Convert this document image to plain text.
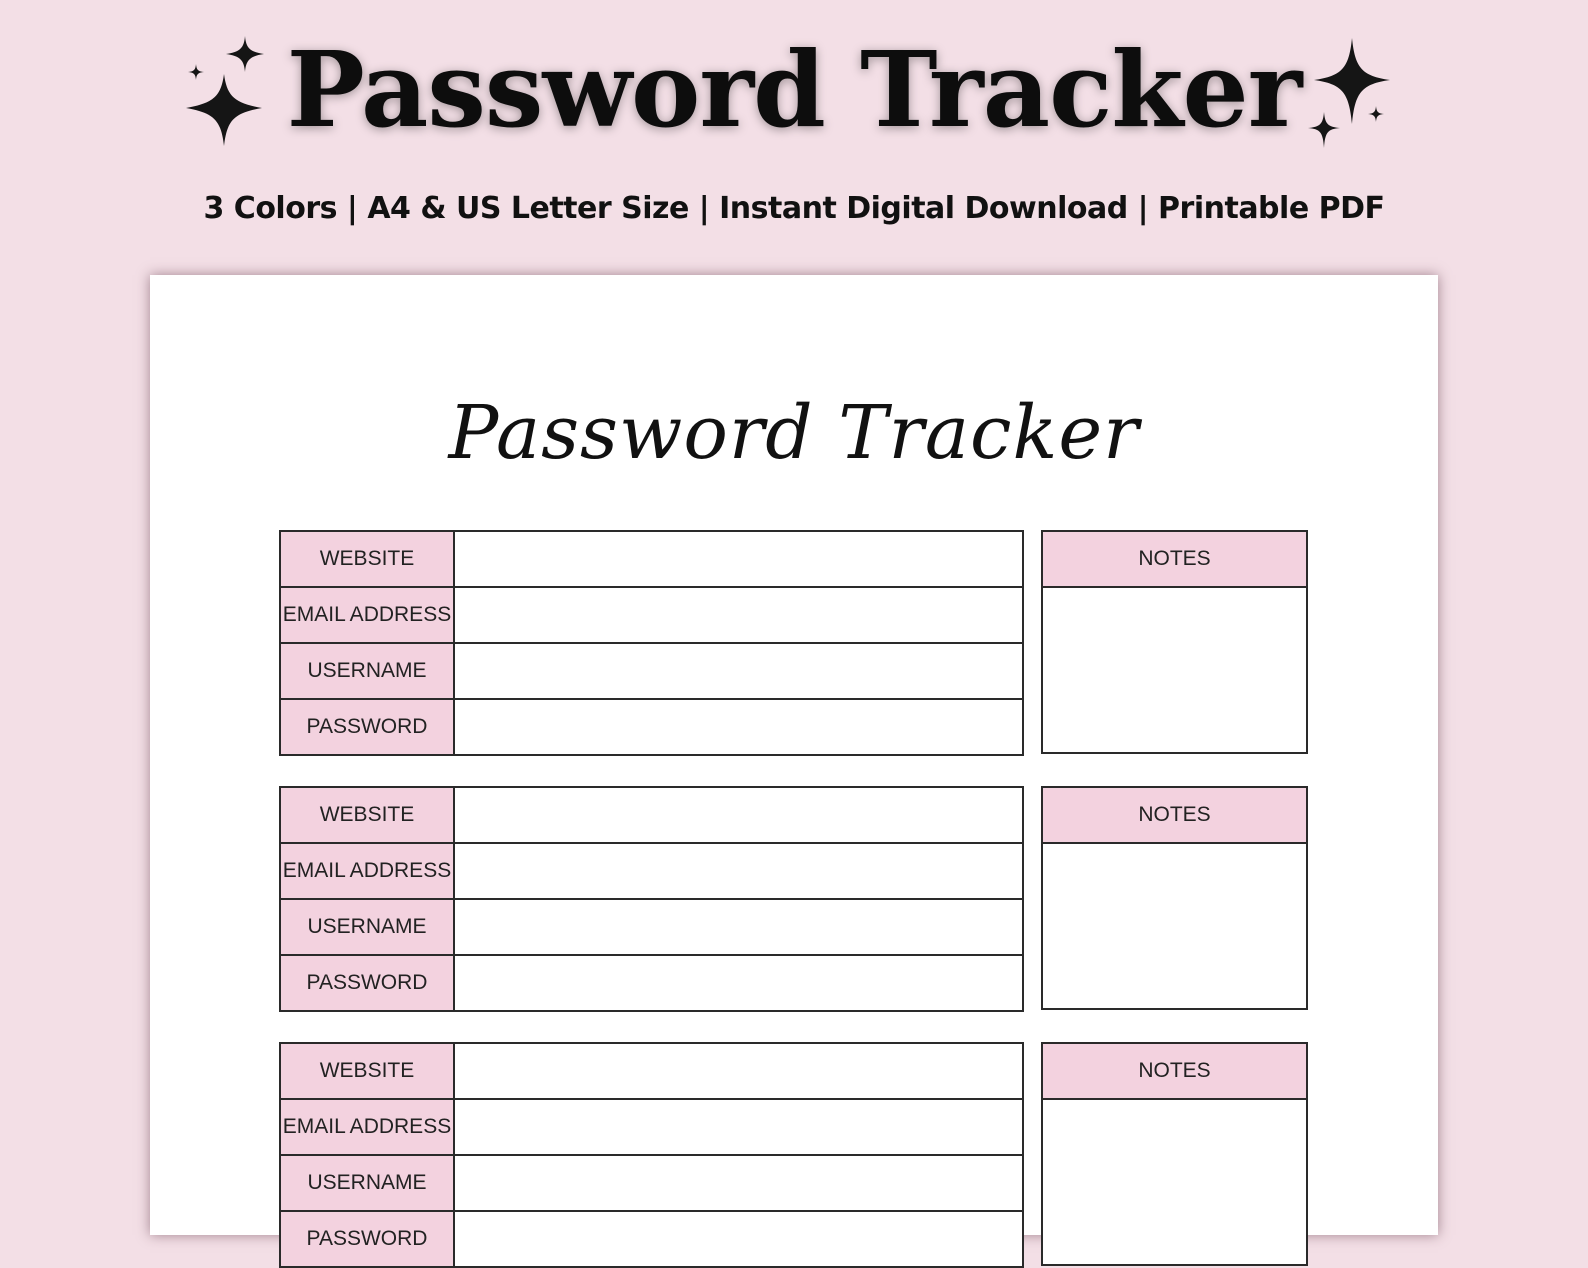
Password Tracker
3 Colors | A4 & US Letter Size | Instant Digital Download | Printable PDF
Password Tracker
WEBSITE
EMAIL ADDRESS
USERNAME
PASSWORD
NOTES
WEBSITE
EMAIL ADDRESS
USERNAME
PASSWORD
NOTES
WEBSITE
EMAIL ADDRESS
USERNAME
PASSWORD
NOTES
